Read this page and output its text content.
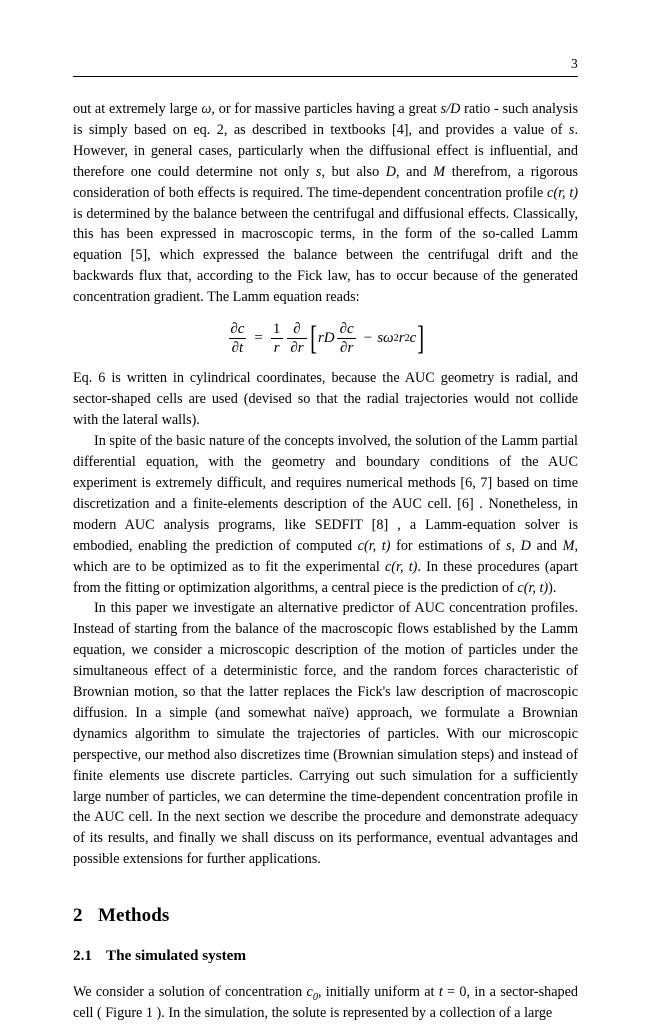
3

out at extremely large ω, or for massive particles having a great s/D ratio - such analysis is simply based on eq. 2, as described in textbooks [4], and provides a value of s. However, in general cases, particularly when the diffusional effect is influential, and therefore one could determine not only s, but also D, and M therefrom, a rigorous consideration of both effects is required. The time-dependent concentration profile c(r, t) is determined by the balance between the centrifugal and diffusional effects. Classically, this has been expressed in macroscopic terms, in the form of the so-called Lamm equation [5], which expressed the balance between the centrifugal drift and the backwards flux that, according to the Fick law, has to occur because of the generated concentration gradient. The Lamm equation reads:

$\frac{\partial c}{\partial t} = \frac{1}{r} \frac{\partial}{\partial r}$ [ rD $\frac{\partial c}{\partial r} - s$ ω 2 r 2 c ]

Eq. 6 is written in cylindrical coordinates, because the AUC geometry is radial, and sector-shaped cells are used (devised so that the radial trajectories would not collide with the lateral walls).

In spite of the basic nature of the concepts involved, the solution of the Lamm partial differential equation, with the geometry and boundary conditions of the AUC experiment is extremely difficult, and requires numerical methods [6, 7] based on time discretization and a finite-elements description of the AUC cell. [6] . Nonetheless, in modern AUC analysis programs, like SEDFIT [8] , a Lamm-equation solver is embodied, enabling the prediction of computed c(r, t) for estimations of s, D and M, which are to be optimized as to fit the experimental c(r, t). In these procedures (apart from the fitting or optimization algorithms, a central piece is the prediction of c(r, t)).

In this paper we investigate an alternative predictor of AUC concentration profiles. Instead of starting from the balance of the macroscopic flows established by the Lamm equation, we consider a microscopic description of the motion of particles under the simultaneous effect of a deterministic force, and the random forces characteristic of Brownian motion, so that the latter replaces the Fick's law description of macroscopic diffusion. In a simple (and somewhat naïve) approach, we formulate a Brownian dynamics algorithm to simulate the trajectories of particles. With our microscopic perspective, our method also discretizes time (Brownian simulation steps) and instead of finite elements use discrete particles. Carrying out such simulation for a sufficiently large number of particles, we can determine the time-dependent concentration profile in the AUC cell. In the next section we describe the procedure and demonstrate adequacy of its results, and finally we shall discuss on its performance, eventual advantages and possible extensions for further applications.

2 Methods
2.1 The simulated system

We consider a solution of concentration $c_0$, initially uniform at t = 0, in a sector-shaped cell ( Figure 1 ). In the simulation, the solute is represented by a collection of a large
